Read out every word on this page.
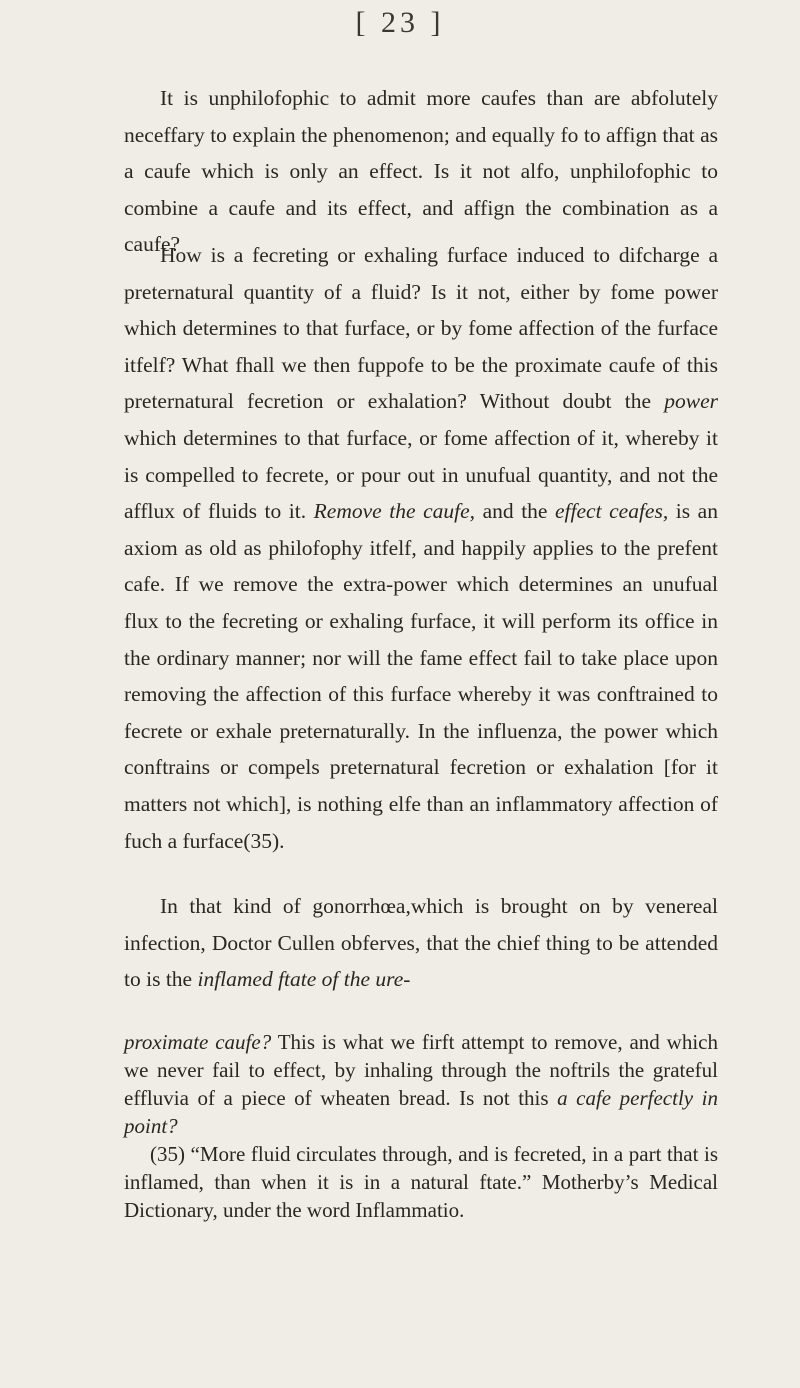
[ 23 ]

It is unphilofophic to admit more caufes than are abfolutely neceffary to explain the phenomenon; and equally fo to affign that as a caufe which is only an effect. Is it not alfo, unphilofophic to combine a caufe and its effect, and affign the combination as a caufe?

How is a fecreting or exhaling furface induced to difcharge a preternatural quantity of a fluid? Is it not, either by fome power which determines to that furface, or by fome affection of the furface itfelf? What fhall we then fuppofe to be the proximate caufe of this preternatural fecretion or exhalation? Without doubt the power which determines to that furface, or fome affection of it, whereby it is compelled to fecrete, or pour out in unufual quantity, and not the afflux of fluids to it. Remove the caufe, and the effect ceafes, is an axiom as old as philofophy itfelf, and happily applies to the prefent cafe. If we remove the extra-power which determines an unufual flux to the fecreting or exhaling furface, it will perform its office in the ordinary manner; nor will the fame effect fail to take place upon removing the affection of this furface whereby it was conftrained to fecrete or exhale preternaturally. In the influenza, the power which conftrains or compels preternatural fecretion or exhalation [for it matters not which], is nothing elfe than an inflammatory affection of fuch a furface(35).

In that kind of gonorrhœa,which is brought on by venereal infection, Doctor Cullen obferves, that the chief thing to be attended to is the inflamed ftate of the ure-

proximate caufe? This is what we firft attempt to remove, and which we never fail to effect, by inhaling through the noftrils the grateful effluvia of a piece of wheaten bread. Is not this a cafe perfectly in point?

(35) “More fluid circulates through, and is fecreted, in a part that is inflamed, than when it is in a natural ftate.” Motherby’s Medical Dictionary, under the word Inflammatio.
